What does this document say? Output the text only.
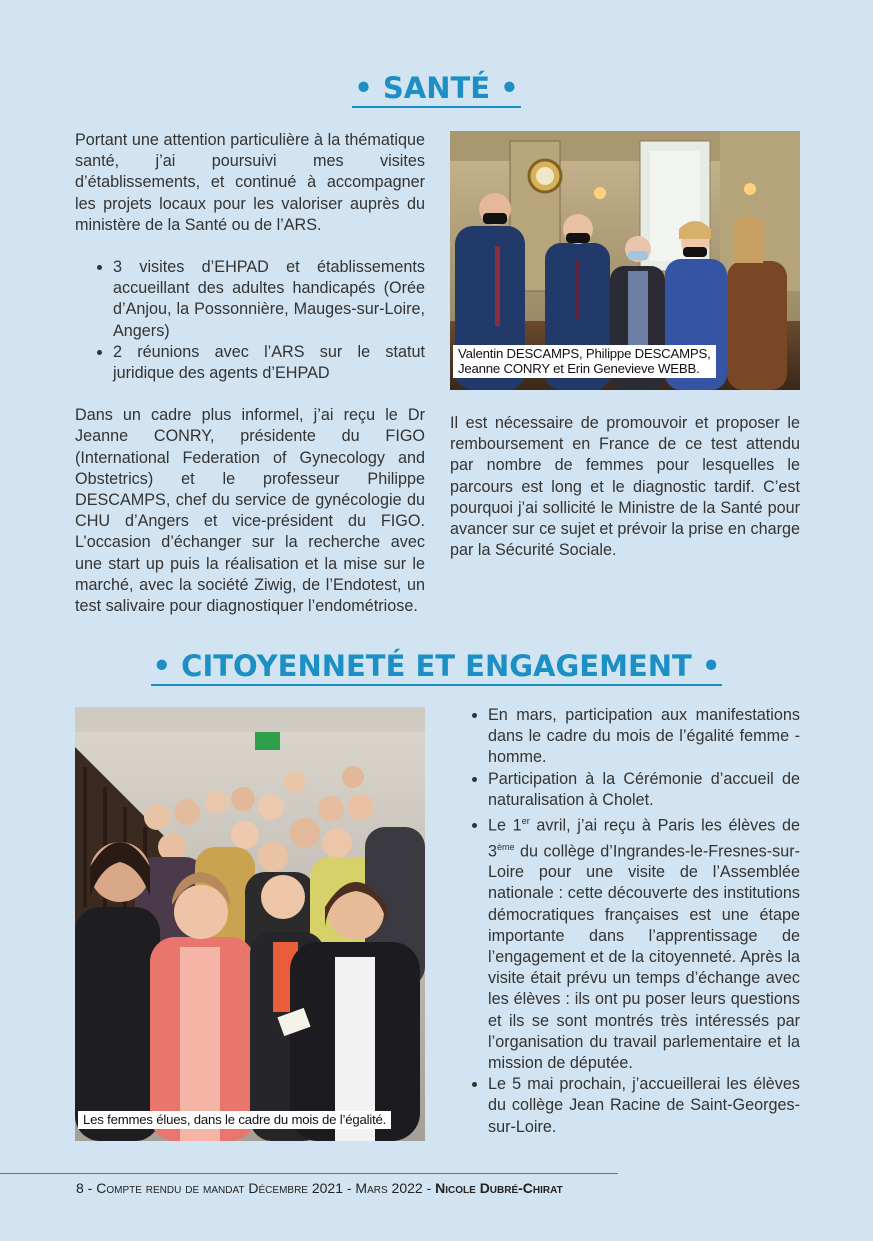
• SANTÉ •

Portant une attention particulière à la thématique santé, j’ai poursuivi mes visites d’établissements, et continué à accompagner les projets locaux pour les valoriser auprès du ministère de la Santé ou de l’ARS.

• 3 visites d’EHPAD et établissements accueillant des adultes handicapés (Orée d’Anjou, la Possonnière, Mauges-sur-Loire, Angers)
• 2 réunions avec l’ARS sur le statut juridique des agents d’EHPAD

Dans un cadre plus informel, j’ai reçu le Dr Jeanne CONRY, présidente du FIGO (International Federation of Gynecology and Obstetrics) et le professeur Philippe DESCAMPS, chef du service de gynécologie du CHU d’Angers et vice-président du FIGO. L’occasion d’échanger sur la recherche avec une start up puis la réalisation et la mise sur le marché, avec la société Ziwig, de l’Endotest, un test salivaire pour diagnostiquer l’endométriose.

Valentin DESCAMPS, Philippe DESCAMPS,
Jeanne CONRY et Erin Genevieve WEBB.

Il est nécessaire de promouvoir et proposer le remboursement en France de ce test attendu par nombre de femmes pour lesquelles le parcours est long et le diagnostic tardif. C’est pourquoi j’ai sollicité le Ministre de la Santé pour avancer sur ce sujet et prévoir la prise en charge par la Sécurité Sociale.

• CITOYENNETÉ ET ENGAGEMENT •
Les femmes élues, dans le cadre du mois de l’égalité.
• En mars, participation aux manifestations dans le cadre du mois de l’égalité femme - homme.
• Participation à la Cérémonie d’accueil de naturalisation à Cholet.
• Le 1er avril, j’ai reçu à Paris les élèves de 3ème du collège d’Ingrandes-le-Fresnes-sur-Loire pour une visite de l’Assemblée nationale : cette découverte des institutions démocratiques françaises est une étape importante dans l’apprentissage de l’engagement et de la citoyenneté. Après la visite était prévu un temps d’échange avec les élèves : ils ont pu poser leurs questions et ils se sont montrés très intéressés par l’organisation du travail parlementaire et la mission de députée.
• Le 5 mai prochain, j’accueillerai les élèves du collège Jean Racine de Saint-Georges-sur-Loire.
8 - Compte rendu de mandat Décembre 2021 - Mars 2022 - Nicole Dubré-Chirat
